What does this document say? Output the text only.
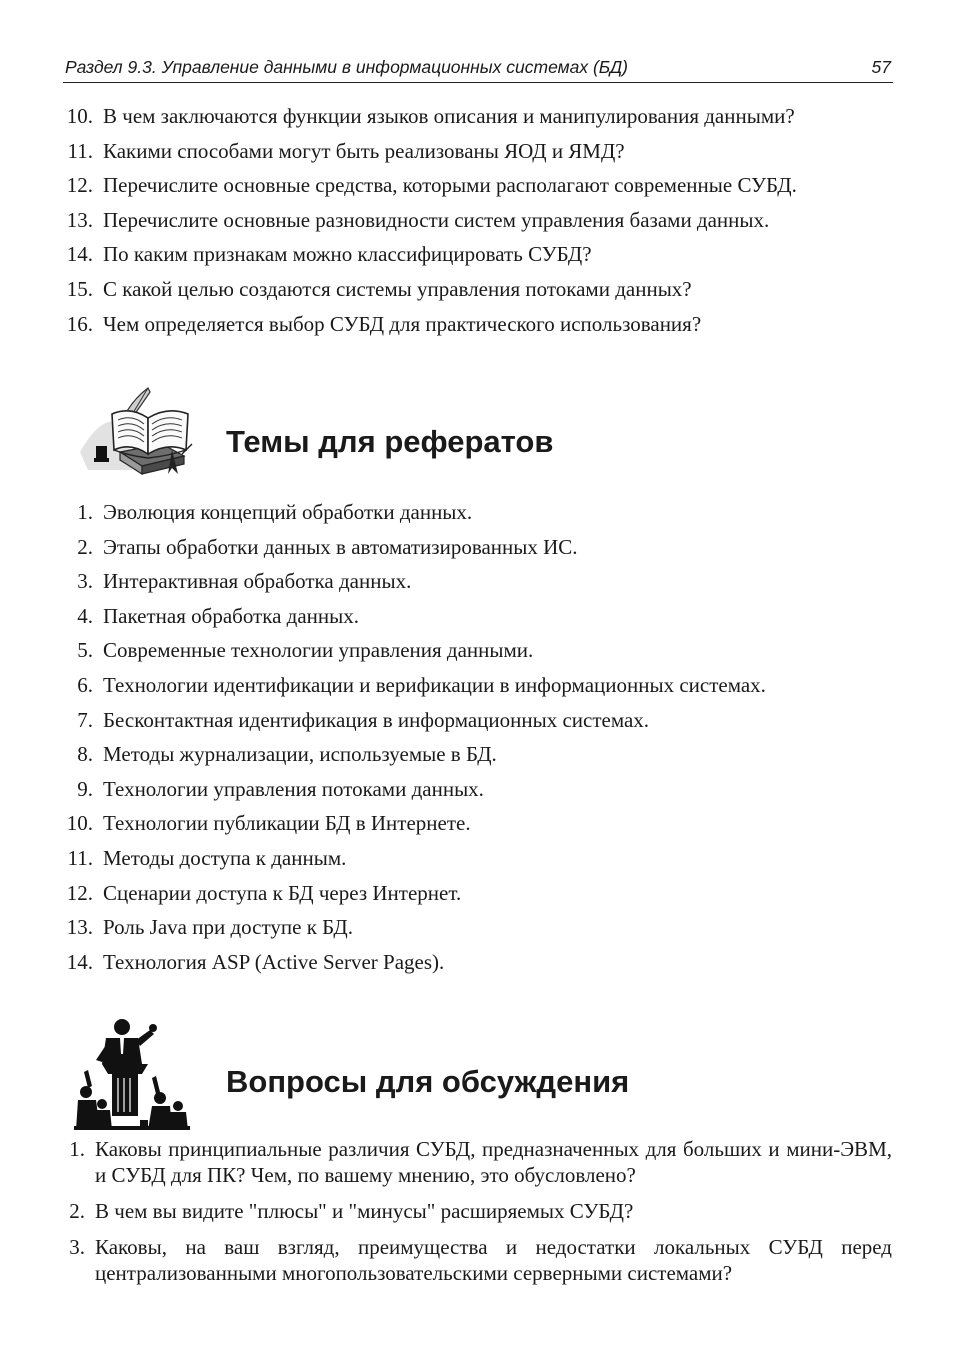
Раздел 9.3. Управление данными в информационных системах (БД)	57
10. В чем заключаются функции языков описания и манипулирования данными?
11. Какими способами могут быть реализованы ЯОД и ЯМД?
12. Перечислите основные средства, которыми располагают современные СУБД.
13. Перечислите основные разновидности систем управления базами данных.
14. По каким признакам можно классифицировать СУБД?
15. С какой целью создаются системы управления потоками данных?
16. Чем определяется выбор СУБД для практического использования?
Темы для рефератов
1. Эволюция концепций обработки данных.
2. Этапы обработки данных в автоматизированных ИС.
3. Интерактивная обработка данных.
4. Пакетная обработка данных.
5. Современные технологии управления данными.
6. Технологии идентификации и верификации в информационных системах.
7. Бесконтактная идентификация в информационных системах.
8. Методы журнализации, используемые в БД.
9. Технологии управления потоками данных.
10. Технологии публикации БД в Интернете.
11. Методы доступа к данным.
12. Сценарии доступа к БД через Интернет.
13. Роль Java при доступе к БД.
14. Технология ASP (Active Server Pages).
Вопросы для обсуждения
1. Каковы принципиальные различия СУБД, предназначенных для больших и мини-ЭВМ, и СУБД для ПК? Чем, по вашему мнению, это обусловлено?
2. В чем вы видите "плюсы" и "минусы" расширяемых СУБД?
3. Каковы, на ваш взгляд, преимущества и недостатки локальных СУБД перед централизованными многопользовательскими серверными системами?
